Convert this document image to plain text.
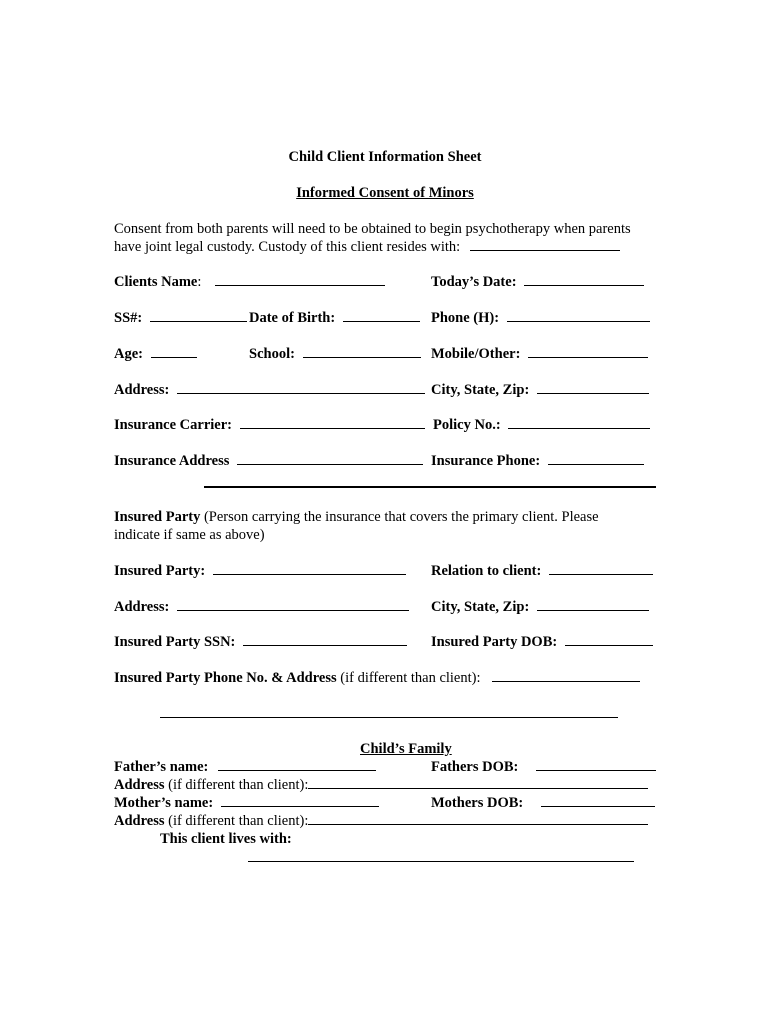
Child Client Information Sheet
Informed Consent of Minors
Consent from both parents will need to be obtained to begin psychotherapy when parents
have joint legal custody. Custody of this client resides with:
Clients Name:	Today’s Date:
SS#:	Date of Birth:	Phone (H):
Age:	School:	Mobile/Other:
Address:	City, State, Zip:
Insurance Carrier:	Policy No.:
Insurance Address	Insurance Phone:
Insured Party (Person carrying the insurance that covers the primary client. Please
indicate if same as above)
Insured Party:	Relation to client:
Address:	City, State, Zip:
Insured Party SSN:	Insured Party DOB:
Insured Party Phone No. & Address (if different than client):
Child’s Family
Father’s name:	Fathers DOB:
Address (if different than client):
Mother’s name:	Mothers DOB:
Address (if different than client):
This client lives with:
